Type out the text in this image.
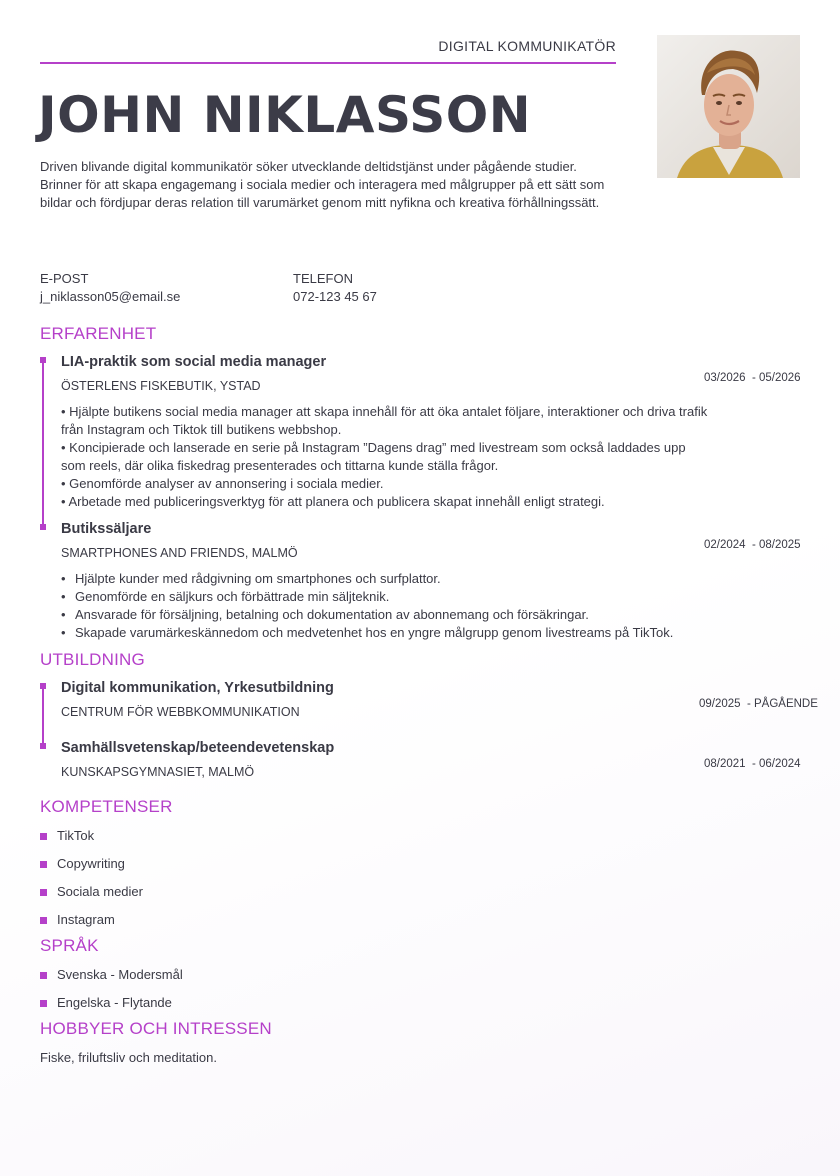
DIGITAL KOMMUNIKATÖR
JOHN NIKLASSON
Driven blivande digital kommunikatör söker utvecklande deltidstjänst under pågående studier. Brinner för att skapa engagemang i sociala medier och interagera med målgrupper på ett sätt som bildar och fördjupar deras relation till varumärket genom mitt nyfikna och kreativa förhållningssätt.
E-POST
j_niklasson05@email.se
TELEFON
072-123 45 67
ERFARENHET
LIA-praktik som social media manager
ÖSTERLENS FISKEBUTIK, YSTAD
03/2026  - 05/2026
• Hjälpte butikens social media manager att skapa innehåll för att öka antalet följare, interaktioner och driva trafik från Instagram och Tiktok till butikens webbshop.
• Koncipierade och lanserade en serie på Instagram ”Dagens drag” med livestream som också laddades upp som reels, där olika fiskedrag presenterades och tittarna kunde ställa frågor.
• Genomförde analyser av annonsering i sociala medier.
• Arbetade med publiceringsverktyg för att planera och publicera skapat innehåll enligt strategi.
Butikssäljare
SMARTPHONES AND FRIENDS, MALMÖ
02/2024  - 08/2025
• Hjälpte kunder med rådgivning om smartphones och surfplattor.
• Genomförde en säljkurs och förbättrade min säljteknik.
• Ansvarade för försäljning, betalning och dokumentation av abonnemang och försäkringar.
• Skapade varumärkeskännedom och medvetenhet hos en yngre målgrupp genom livestreams på TikTok.
UTBILDNING
Digital kommunikation, Yrkesutbildning
CENTRUM FÖR WEBBKOMMUNIKATION
09/2025  - PÅGÅENDE
Samhällsvetenskap/beteendevetenskap
KUNSKAPSGYMNASIET, MALMÖ
08/2021  - 06/2024
KOMPETENSER
TikTok
Copywriting
Sociala medier
Instagram
SPRÅK
Svenska - Modersmål
Engelska - Flytande
HOBBYER OCH INTRESSEN
Fiske, friluftsliv och meditation.
